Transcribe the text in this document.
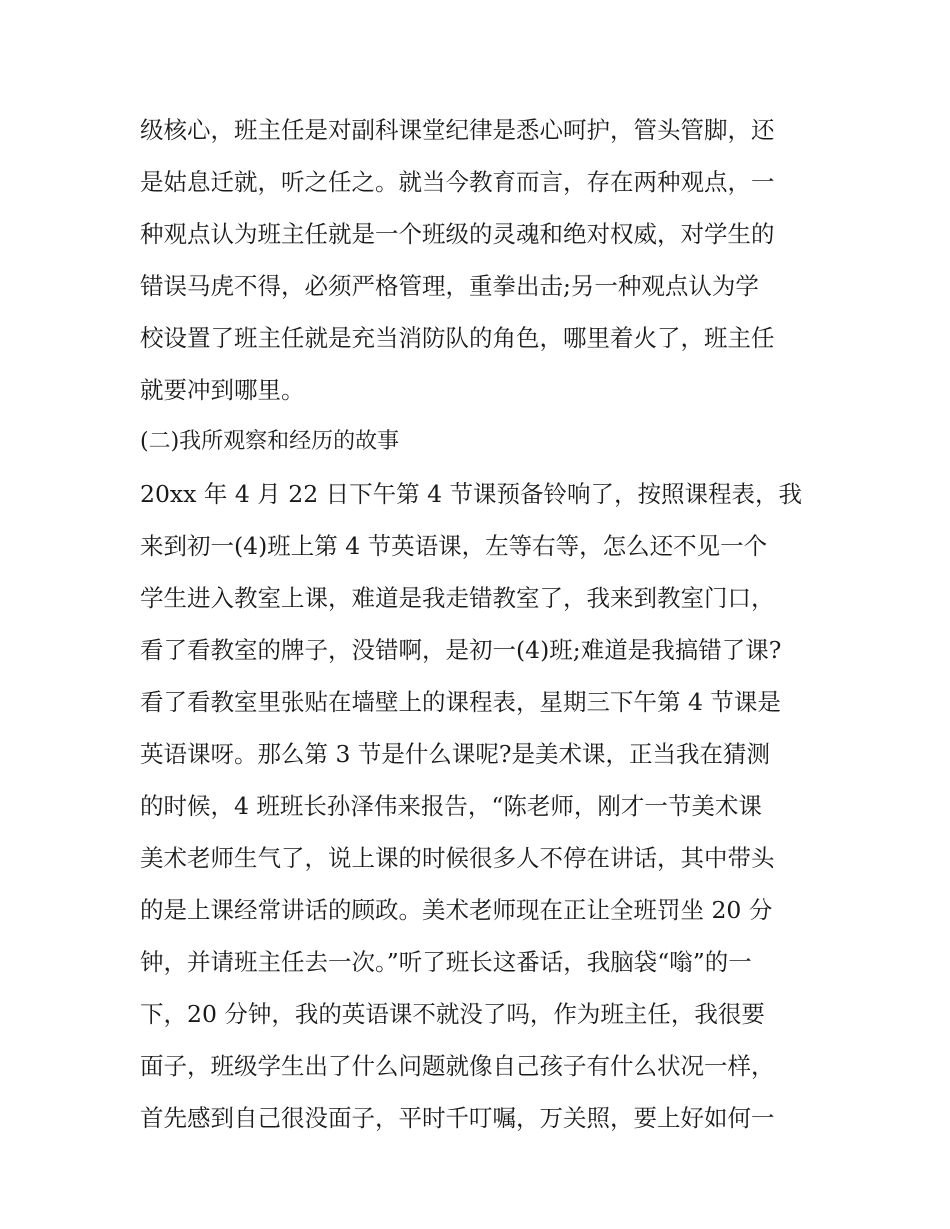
级核心，班主任是对副科课堂纪律是悉心呵护，管头管脚，还
是姑息迁就，听之任之。就当今教育而言，存在两种观点，一
种观点认为班主任就是一个班级的灵魂和绝对权威，对学生的
错误马虎不得，必须严格管理，重拳出击;另一种观点认为学
校设置了班主任就是充当消防队的角色，哪里着火了，班主任
就要冲到哪里。
(二)我所观察和经历的故事
20xx 年 4 月 22 日下午第 4 节课预备铃响了，按照课程表，我
来到初一(4)班上第 4 节英语课，左等右等，怎么还不见一个
学生进入教室上课，难道是我走错教室了，我来到教室门口，
看了看教室的牌子，没错啊，是初一(4)班;难道是我搞错了课?
看了看教室里张贴在墙壁上的课程表，星期三下午第 4 节课是
英语课呀。那么第 3 节是什么课呢?是美术课，正当我在猜测
的时候，4 班班长孙泽伟来报告，“陈老师，刚才一节美术课
美术老师生气了，说上课的时候很多人不停在讲话，其中带头
的是上课经常讲话的顾政。美术老师现在正让全班罚坐 20 分
钟，并请班主任去一次。”听了班长这番话，我脑袋“嗡”的一
下，20 分钟，我的英语课不就没了吗，作为班主任，我很要
面子，班级学生出了什么问题就像自己孩子有什么状况一样，
首先感到自己很没面子，平时千叮嘱，万关照，要上好如何一
